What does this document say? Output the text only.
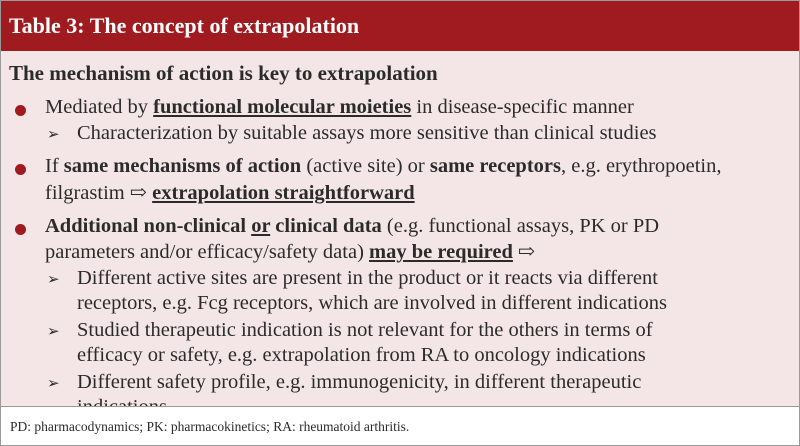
Table 3: The concept of extrapolation
The mechanism of action is key to extrapolation
Mediated by functional molecular moieties in disease-specific manner
➢ Characterization by suitable assays more sensitive than clinical studies
If same mechanisms of action (active site) or same receptors, e.g. erythropoetin,
filgrastim ⇨ extrapolation straightforward
Additional non-clinical or clinical data (e.g. functional assays, PK or PD
parameters and/or efficacy/safety data) may be required ⇨
➢ Different active sites are present in the product or it reacts via different
receptors, e.g. Fcg receptors, which are involved in different indications
➢ Studied therapeutic indication is not relevant for the others in terms of
efficacy or safety, e.g. extrapolation from RA to oncology indications
➢ Different safety profile, e.g. immunogenicity, in different therapeutic
PD: pharmacodynamics; PK: pharmacokinetics; RA: rheumatoid arthritis.
